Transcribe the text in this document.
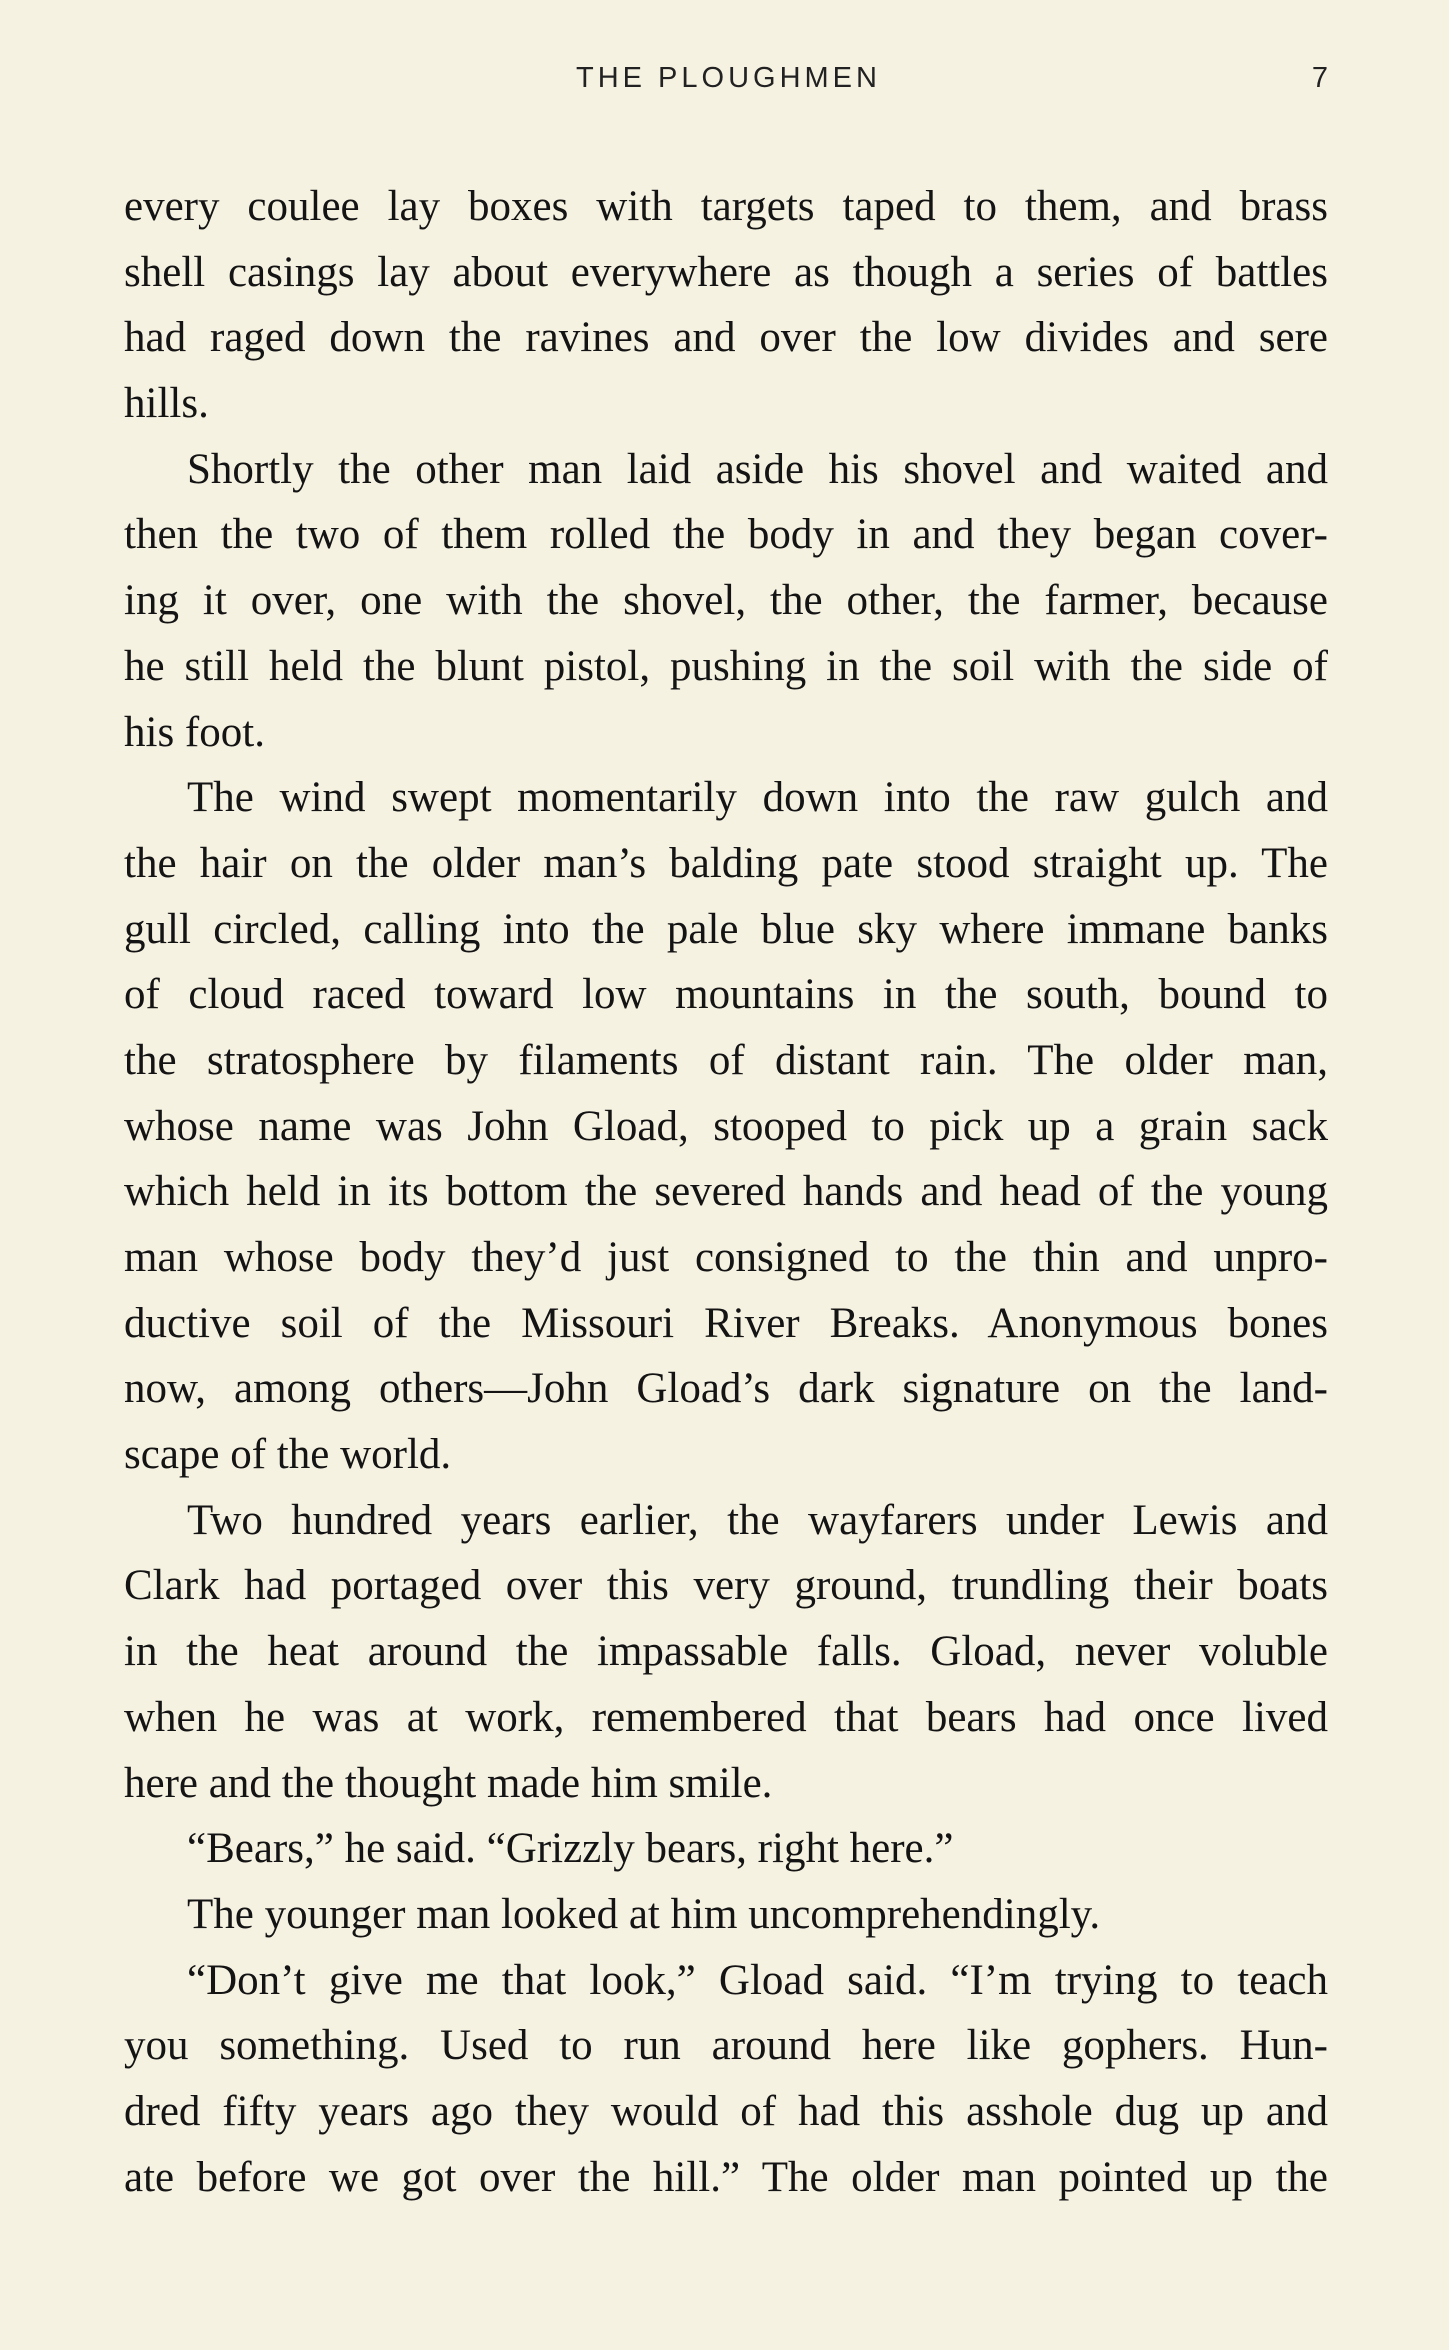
THE PLOUGHMEN	7
every coulee lay boxes with targets taped to them, and brass
shell casings lay about everywhere as though a series of battles
had raged down the ravines and over the low divides and sere
hills.
Shortly the other man laid aside his shovel and waited and
then the two of them rolled the body in and they began cover-
ing it over, one with the shovel, the other, the farmer, because
he still held the blunt pistol, pushing in the soil with the side of
his foot.
The wind swept momentarily down into the raw gulch and
the hair on the older man’s balding pate stood straight up. The
gull circled, calling into the pale blue sky where immane banks
of cloud raced toward low mountains in the south, bound to
the stratosphere by filaments of distant rain. The older man,
whose name was John Gload, stooped to pick up a grain sack
which held in its bottom the severed hands and head of the young
man whose body they’d just consigned to the thin and unpro-
ductive soil of the Missouri River Breaks. Anonymous bones
now, among others—John Gload’s dark signature on the land-
scape of the world.
Two hundred years earlier, the wayfarers under Lewis and
Clark had portaged over this very ground, trundling their boats
in the heat around the impassable falls. Gload, never voluble
when he was at work, remembered that bears had once lived
here and the thought made him smile.
“Bears,” he said. “Grizzly bears, right here.”
The younger man looked at him uncomprehendingly.
“Don’t give me that look,” Gload said. “I’m trying to teach
you something. Used to run around here like gophers. Hun-
dred fifty years ago they would of had this asshole dug up and
ate before we got over the hill.” The older man pointed up the
